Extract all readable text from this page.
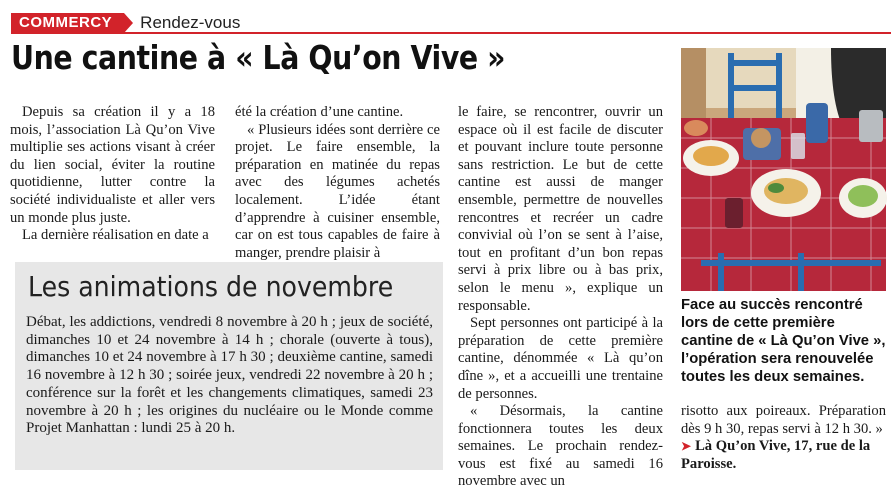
COMMERCY	Rendez-vous
Une cantine à « Là Qu’on Vive »

Depuis sa création il y a 18 mois, l’association Là Qu’on Vive multiplie ses actions visant à créer du lien social, éviter la routine quotidienne, lutter contre la société individualiste et aller vers un monde plus juste.

La dernière réalisation en date a

été la création d’une cantine.

« Plusieurs idées sont derrière ce projet. Le faire ensemble, la préparation en matinée du repas avec des légumes achetés localement. L’idée étant d’apprendre à cuisiner ensemble, car on est tous capables de faire à manger, prendre plaisir à

le faire, se rencontrer, ouvrir un espace où il est facile de discuter et pouvant inclure toute personne sans restriction. Le but de cette cantine est aussi de manger ensemble, permettre de nouvelles rencontres et recréer un cadre convivial où l’on se sent à l’aise, tout en profitant d’un bon repas servi à prix libre ou à bas prix, selon le menu », explique un responsable.

Sept personnes ont participé à la préparation de cette première cantine, dénommée « Là qu’on dîne », et a accueilli une trentaine de personnes.

« Désormais, la cantine fonctionnera toutes les deux semaines. Le prochain rendez-vous est fixé au samedi 16 novembre avec un

risotto aux poireaux. Préparation dès 9 h 30, repas servi à 12 h 30. »

➤ Là Qu’on Vive, 17, rue de la Paroisse.
Les animations de novembre

Débat, les addictions, vendredi 8 novembre à 20 h ; jeux de société, dimanches 10 et 24 novembre à 14 h ; chorale (ouverte à tous), dimanches 10 et 24 novembre à 17 h 30 ; deuxième cantine, samedi 16 novembre à 12 h 30 ; soirée jeux, vendredi 22 novembre à 20 h ; conférence sur la forêt et les changements climatiques, samedi 23 novembre à 20 h ; les origines du nucléaire ou le Monde comme Projet Manhattan : lundi 25 à 20 h.

Face au succès rencontré lors de cette première cantine de « Là Qu’on Vive », l’opération sera renouvelée toutes les deux semaines.
